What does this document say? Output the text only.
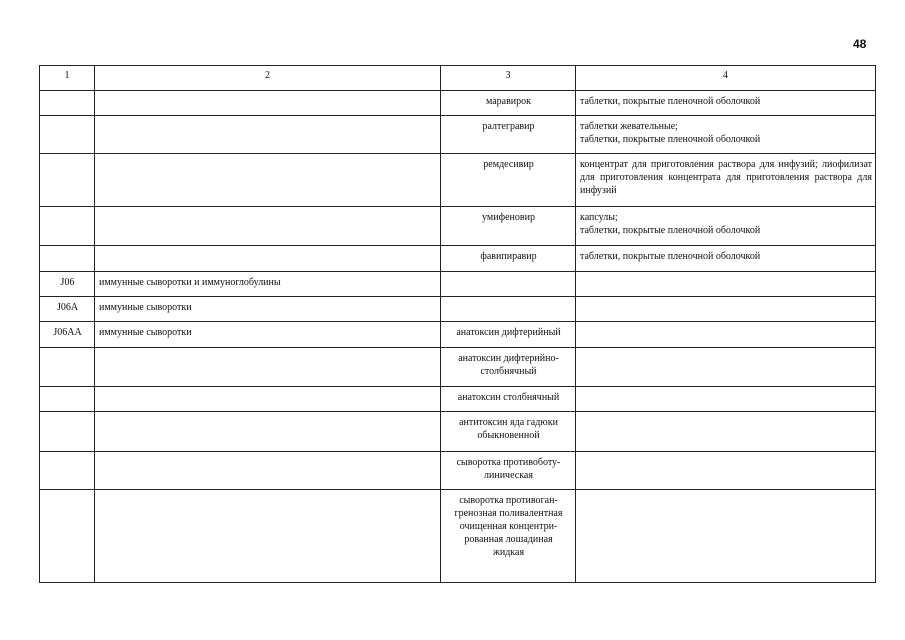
48
1	2	3	4
		маравирок	таблетки, покрытые пленочной оболочкой
		ралтегравир	таблетки жевательные;
таблетки, покрытые пленочной оболочкой
		ремдесивир	концентрат для приготовления раствора для инфузий; лиофилизат для приготовления концентрата для приготовления раствора для инфузий
		умифеновир	капсулы;
таблетки, покрытые пленочной оболочкой
		фавипиравир	таблетки, покрытые пленочной оболочкой
J06	иммунные сыворотки и иммуноглобулины		
J06A	иммунные сыворотки		
J06AA	иммунные сыворотки	анатоксин дифтерийный	
		анатоксин дифтерийно-
столбнячный	
		анатоксин столбнячный	
		антитоксин яда гадюки
обыкновенной	
		сыворотка противоботу-
линическая	
		сыворотка противоган-
гренозная поливалентная
очищенная концентри-
рованная лошадиная
жидкая	
